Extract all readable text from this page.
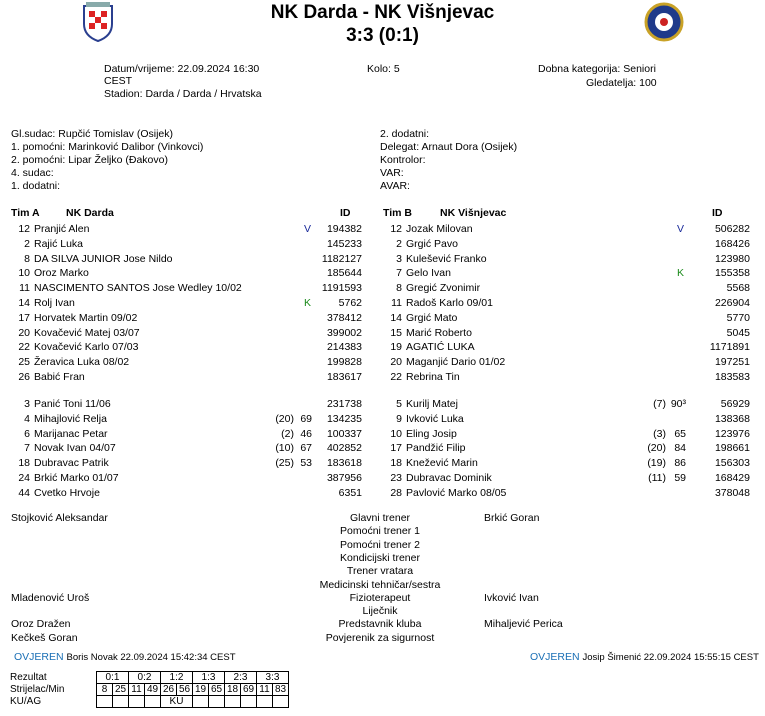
NK Darda - NK Višnjevac
3:3 (0:1)
Datum/vrijeme: 22.09.2024 16:30
CEST
Stadion: Darda / Darda / Hrvatska
Kolo: 5	Dobna kategorija: Seniori
Gledatelja: 100
Gl.sudac: Rupčić Tomislav (Osijek)
1. pomoćni: Marinković Dalibor (Vinkovci)
2. pomoćni: Lipar Željko (Đakovo)
4. sudac:
1. dodatni:
2. dodatni:
Delegat: Arnaut Dora (Osijek)
Kontrolor:
VAR:
AVAR:
Tim A	NK Darda	ID	Tim B	NK Višnjevac	ID
12 Pranjić Alen	V 194382
2 Rajić Luka	145233
8 DA SILVA JUNIOR Jose Nildo	1182127
10 Oroz Marko	185644
11 NASCIMENTO SANTOS Jose Wedley 10/02	1191593
14 Rolj Ivan	K	5762
17 Horvatek Martin 09/02	378412
20 Kovačević Matej 03/07	399002
22 Kovačević Karlo 07/03	214383
25 Žeravica Luka 08/02	199828
26 Babić Fran	183617
3 Panić Toni 11/06	231738
4 Mihajlović Relja	(20) 69 134235
6 Marijanac Petar	(2) 46 100337
7 Novak Ivan 04/07	(10) 67 402852
18 Dubravac Patrik	(25) 53 183618
24 Brkić Marko 01/07	387956
44 Cvetko Hrvoje	6351
12 Jozak Milovan	V	506282
2 Grgić Pavo	168426
3 Kulešević Franko	123980
7 Gelo Ivan	K	155358
8 Gregić Zvonimir	5568
11 Radoš Karlo 09/01	226904
14 Grgić Mato	5770
15 Marić Roberto	5045
19 AGATIĆ LUKA	1171891
20 Maganjić Dario 01/02	197251
22 Rebrina Tin	183583
5 Kurilj Matej	(7) 90³	56929
9 Ivković Luka	138368
10 Eling Josip	(3) 65	123976
17 Pandžić Filip	(20) 84	198661
18 Knežević Marin	(19) 86	156303
23 Dubravac Dominik	(11) 59	168429
28 Pavlović Marko 08/05	378048
Glavni trener
Stojković Aleksandar	Brkić Goran
Pomoćni trener 1
Pomoćni trener 2
Kondicijski trener
Trener vratara
Medicinski tehničar/sestra
Fizioterapeut
Mladenović Uroš	Ivković Ivan
Liječnik
Predstavnik kluba
Oroz Dražen	Mihaljević Perica
Povjerenik za sigurnost
Kečkeš Goran
OVJEREN Boris Novak 22.09.2024 15:42:34 CEST	OVJEREN Josip Šimenić 22.09.2024 15:55:15 CEST
Rezultat	0:1		0:2		1:2		1:3		2:3		3:3	
Strijelac/Min	8	25	11	49	26	56	19	65	18	69	11	83
KU/AG					KU							
